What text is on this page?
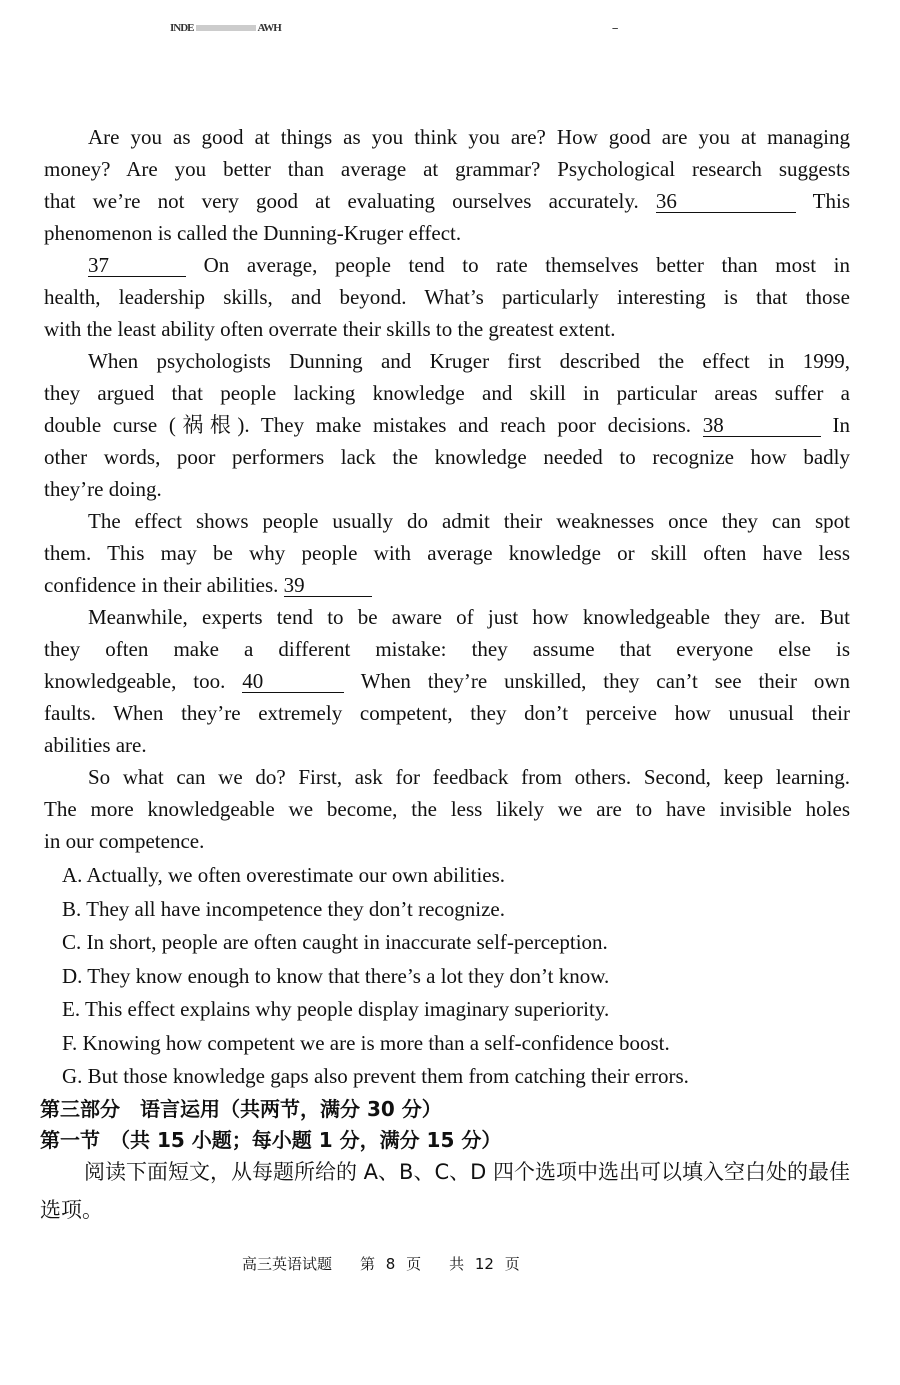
INDE	AWH	--
Are you as good at things as you think you are? How good are you at managing
money? Are you better than average at grammar? Psychological research suggests
that we’re not very good at evaluating ourselves accurately. 36	This
phenomenon is called the Dunning-Kruger effect.
37	On average, people tend to rate themselves better than most in
health, leadership skills, and beyond. What’s particularly interesting is that those
with the least ability often overrate their skills to the greatest extent.
When psychologists Dunning and Kruger first described the effect in 1999,
they argued that people lacking knowledge and skill in particular areas suffer a
double curse (祸根). They make mistakes and reach poor decisions. 38	In
other words, poor performers lack the knowledge needed to recognize how badly
they’re doing.
The effect shows people usually do admit their weaknesses once they can spot
them. This may be why people with average knowledge or skill often have less
confidence in their abilities. 39
Meanwhile, experts tend to be aware of just how knowledgeable they are. But
they often make a different mistake: they assume that everyone else is
knowledgeable, too. 40	When they’re unskilled, they can’t see their own
faults. When they’re extremely competent, they don’t perceive how unusual their
abilities are.
So what can we do? First, ask for feedback from others. Second, keep learning.
The more knowledgeable we become, the less likely we are to have invisible holes
in our competence.
A. Actually, we often overestimate our own abilities.
B. They all have incompetence they don’t recognize.
C. In short, people are often caught in inaccurate self-perception.
D. They know enough to know that there’s a lot they don’t know.
E. This effect explains why people display imaginary superiority.
F. Knowing how competent we are is more than a self-confidence boost.
G. But those knowledge gaps also prevent them from catching their errors.
第三部分　语言运用（共两节，满分 30 分）
第一节　（共 15 小题；每小题 1 分，满分 15 分）
阅读下面短文，从每题所给的 A、B、C、D 四个选项中选出可以填入空白处的最佳选项。
高三英语试题 第 8 页 共 12 页
